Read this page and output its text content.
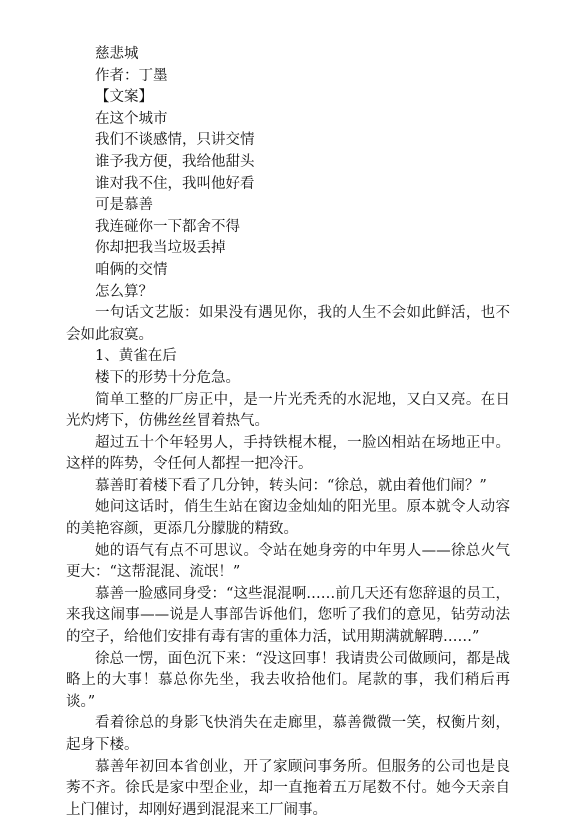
慈悲城

作者：丁墨

【文案】

在这个城市

我们不谈感情，只讲交情

谁予我方便，我给他甜头

谁对我不住，我叫他好看

可是慕善

我连碰你一下都舍不得

你却把我当垃圾丢掉

咱俩的交情

怎么算？

一句话文艺版：如果没有遇见你，我的人生不会如此鲜活，也不会如此寂寞。

1、黄雀在后

楼下的形势十分危急。

简单工整的厂房正中，是一片光秃秃的水泥地，又白又亮。在日光灼烤下，仿佛丝丝冒着热气。

超过五十个年轻男人，手持铁棍木棍，一脸凶相站在场地正中。这样的阵势，令任何人都捏一把冷汗。

慕善盯着楼下看了几分钟，转头问：“徐总，就由着他们闹？”

她问这话时，俏生生站在窗边金灿灿的阳光里。原本就令人动容的美艳容颜，更添几分朦胧的精致。

她的语气有点不可思议。令站在她身旁的中年男人——徐总火气更大：“这帮混混、流氓！”

慕善一脸感同身受：“这些混混啊……前几天还有您辞退的员工，来我这闹事——说是人事部告诉他们，您听了我们的意见，钻劳动法的空子，给他们安排有毒有害的重体力活，试用期满就解聘……”

徐总一愣，面色沉下来：“没这回事！我请贵公司做顾问，都是战略上的大事！慕总你先坐，我去收拾他们。尾款的事，我们稍后再谈。”

看着徐总的身影飞快消失在走廊里，慕善微微一笑，权衡片刻，起身下楼。

慕善年初回本省创业，开了家顾问事务所。但服务的公司也是良莠不齐。徐氏是家中型企业，却一直拖着五万尾数不付。她今天亲自上门催讨，却刚好遇到混混来工厂闹事。
